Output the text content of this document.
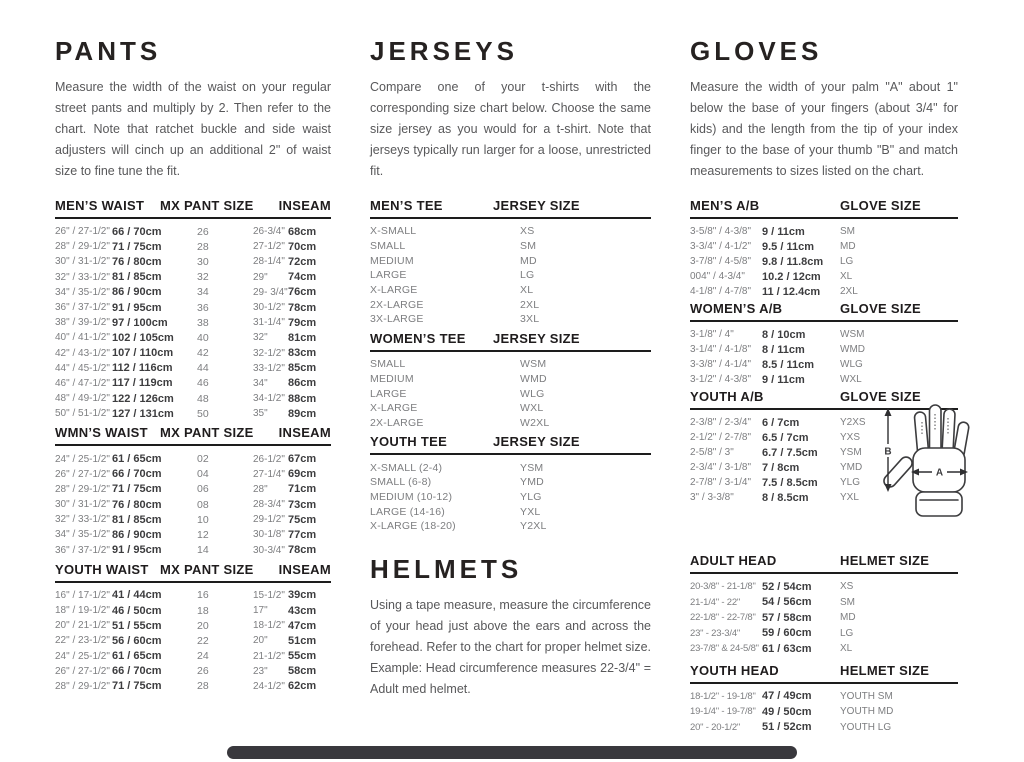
PANTS

Measure the width of the waist on your regular street pants and multiply by 2. Then refer to the chart. Note that ratchet buckle and side waist adjusters will cinch up an additional 2" of waist size to fine tune the fit.

MEN’S WAIST	MX PANT SIZE	INSEAM
26" / 27-1/2" 66 / 70cm	26	26-3/4" 68cm
28" / 29-1/2" 71 / 75cm	28	27-1/2" 70cm
30" / 31-1/2" 76 / 80cm	30	28-1/4" 72cm
32" / 33-1/2" 81 / 85cm	32	29"	74cm
34" / 35-1/2" 86 / 90cm	34	29- 3/4" 76cm
36" / 37-1/2" 91 / 95cm	36	30-1/2" 78cm
38" / 39-1/2" 97 / 100cm	38	31-1/4" 79cm
40" / 41-1/2" 102 / 105cm	40	32"	81cm
42" / 43-1/2" 107 / 110cm	42	32-1/2" 83cm
44" / 45-1/2" 112 / 116cm	44	33-1/2" 85cm
46" / 47-1/2" 117 / 119cm	46	34"	86cm
48" / 49-1/2" 122 / 126cm	48	34-1/2" 88cm
50" / 51-1/2" 127 / 131cm	50	35"	89cm
WMN’S WAIST MX PANT SIZE	INSEAM
24" / 25-1/2" 61 / 65cm	02	26-1/2" 67cm
26" / 27-1/2" 66 / 70cm	04	27-1/4" 69cm
28" / 29-1/2" 71 / 75cm	06	28"	71cm
30" / 31-1/2" 76 / 80cm	08	28-3/4" 73cm
32" / 33-1/2" 81 / 85cm	10	29-1/2" 75cm
34" / 35-1/2" 86 / 90cm	12	30-1/8" 77cm
36" / 37-1/2" 91 / 95cm	14	30-3/4" 78cm
YOUTH WAIST MX PANT SIZE	INSEAM
16" / 17-1/2" 41 / 44cm	16	15-1/2" 39cm
18" / 19-1/2" 46 / 50cm	18	17"	43cm
20" / 21-1/2" 51 / 55cm	20	18-1/2" 47cm
22" / 23-1/2" 56 / 60cm	22	20"	51cm
24" / 25-1/2" 61 / 65cm	24	21-1/2" 55cm
26" / 27-1/2" 66 / 70cm	26	23"	58cm
28" / 29-1/2" 71 / 75cm	28	24-1/2" 62cm
JERSEYS

Compare one of your t-shirts with the corresponding size chart below. Choose the same size jersey as you would for a t-shirt. Note that jerseys typically run larger for a loose, unrestricted fit.

MEN’S TEE	JERSEY SIZE
X-SMALL	XS
SMALL	SM
MEDIUM	MD
LARGE	LG
X-LARGE	XL
2X-LARGE	2XL
3X-LARGE	3XL
WOMEN’S TEE	JERSEY SIZE
SMALL	WSM
MEDIUM	WMD
LARGE	WLG
X-LARGE	WXL
2X-LARGE	W2XL
YOUTH TEE	JERSEY SIZE
X-SMALL (2-4)	YSM
SMALL (6-8)	YMD
MEDIUM (10-12)	YLG
LARGE (14-16)	YXL
X-LARGE (18-20)	Y2XL
HELMETS

Using a tape measure, measure the circumference of your head just above the ears and across the forehead. Refer to the chart for proper helmet size. Example: Head circumference measures 22-3/4" = Adult med helmet.

GLOVES

Measure the width of your palm "A" about 1" below the base of your fingers (about 3/4" for kids) and the length from the tip of your index finger to the base of your thumb "B" and match measurements to sizes listed on the chart.

MEN’S A/B	GLOVE SIZE
3-5/8" / 4-3/8" 9 / 11cm	SM
3-3/4" / 4-1/2" 9.5 / 11cm	MD
3-7/8" / 4-5/8" 9.8 / 11.8cm	LG
004" / 4-3/4"	10.2 / 12cm	XL
4-1/8" / 4-7/8" 11 / 12.4cm	2XL
WOMEN’S A/B	GLOVE SIZE
3-1/8" / 4"	8 / 10cm	WSM
3-1/4" / 4-1/8" 8 / 11cm	WMD
3-3/8" / 4-1/4" 8.5 / 11cm	WLG
3-1/2" / 4-3/8" 9 / 11cm	WXL
YOUTH A/B	GLOVE SIZE
2-3/8" / 2-3/4" 6 / 7cm	Y2XS
2-1/2" / 2-7/8" 6.5 / 7cm	YXS
2-5/8" / 3"	6.7 / 7.5cm	YSM
2-3/4" / 3-1/8" 7 / 8cm	YMD
2-7/8" / 3-1/4" 7.5 / 8.5cm	YLG
3" / 3-3/8"	8 / 8.5cm	YXL
ADULT HEAD	HELMET SIZE
20-3/8" - 21-1/8" 52 / 54cm	XS
21-1/4" - 22"	54 / 56cm	SM
22-1/8" - 22-7/8" 57 / 58cm	MD
23" - 23-3/4"	59 / 60cm	LG
23-7/8" & 24-5/8" 61 / 63cm	XL
YOUTH HEAD	HELMET SIZE
18-1/2" - 19-1/8" 47 / 49cm	YOUTH SM
19-1/4" - 19-7/8" 49 / 50cm	YOUTH MD
20" - 20-1/2"	51 / 52cm	YOUTH LG
B
A
